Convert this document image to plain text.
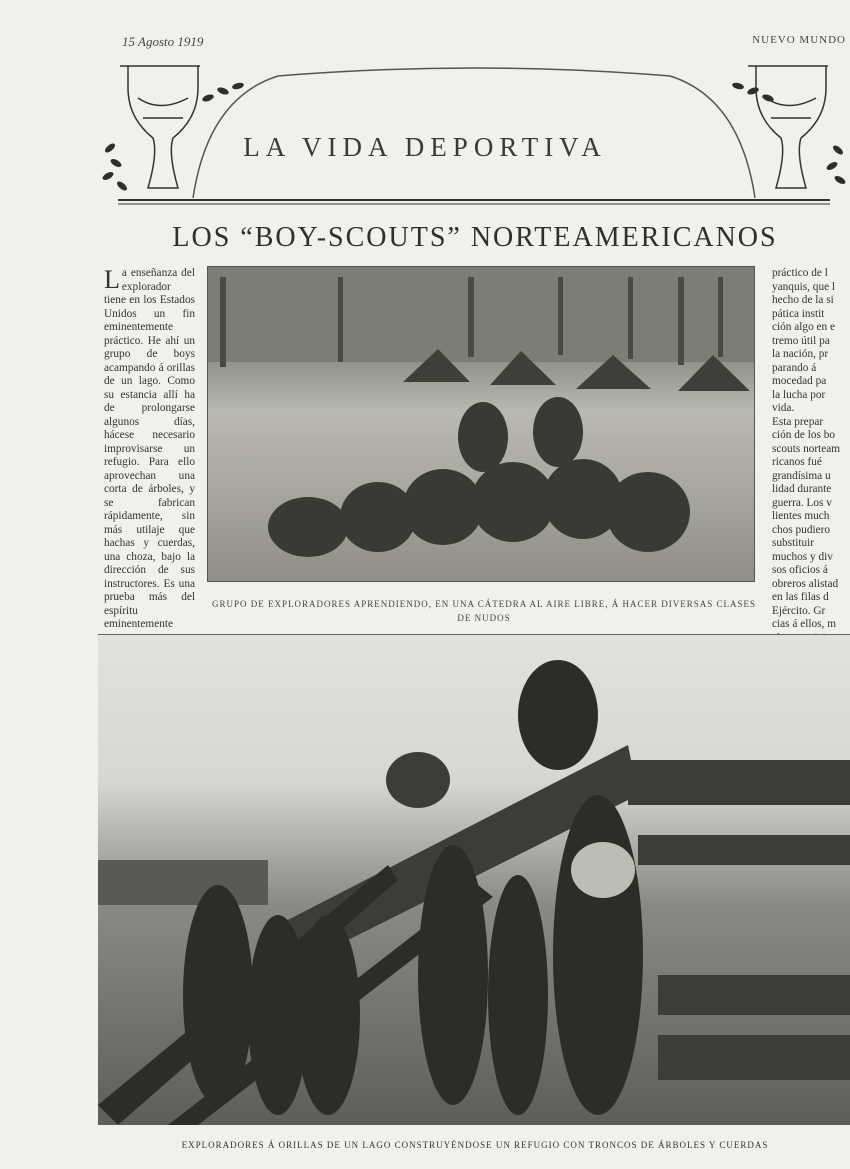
15 Agosto 1919	NUEVO MUNDO
LA VIDA DEPORTIVA
LOS “BOY-SCOUTS” NORTEAMERICANOS
L a enseñanza del explorador tiene en los Estados Unidos un fin eminentemente práctico. He ahí un grupo de boys acampando á orillas de un lago. Como su estancia allí ha de prolongarse algunos días, hácese necesario improvisarse un refugio. Para ello aprovechan una corta de árboles, y se fabrican rápidamente, sin más utilaje que hachas y cuerdas, una choza, bajo la dirección de sus instructores. Es una prueba más del espíritu eminentemente
GRUPO DE EXPLORADORES APRENDIENDO, EN UNA CÁTEDRA AL AIRE LIBRE, Á HACER DIVERSAS CLASES DE NUDOS

práctico de l

yanquis, que l

hecho de la si

pática instit

ción algo en e

tremo útil pa

la nación, pr

parando á

mocedad pa

la lucha por

vida.

Esta prepar

ción de los bo

scouts norteam

ricanos fué

grandísima u

lidad durante

guerra. Los v

lientes much

chos pudiero

substituir

muchos y div

sos oficios á

obreros alistad

en las filas d

Ejército. Gr

cias á ellos, m

EXPLORADORES Á ORILLAS DE UN LAGO CONSTRUYÉNDOSE UN REFUGIO CON TRONCOS DE ÁRBOLES Y CUERDAS
